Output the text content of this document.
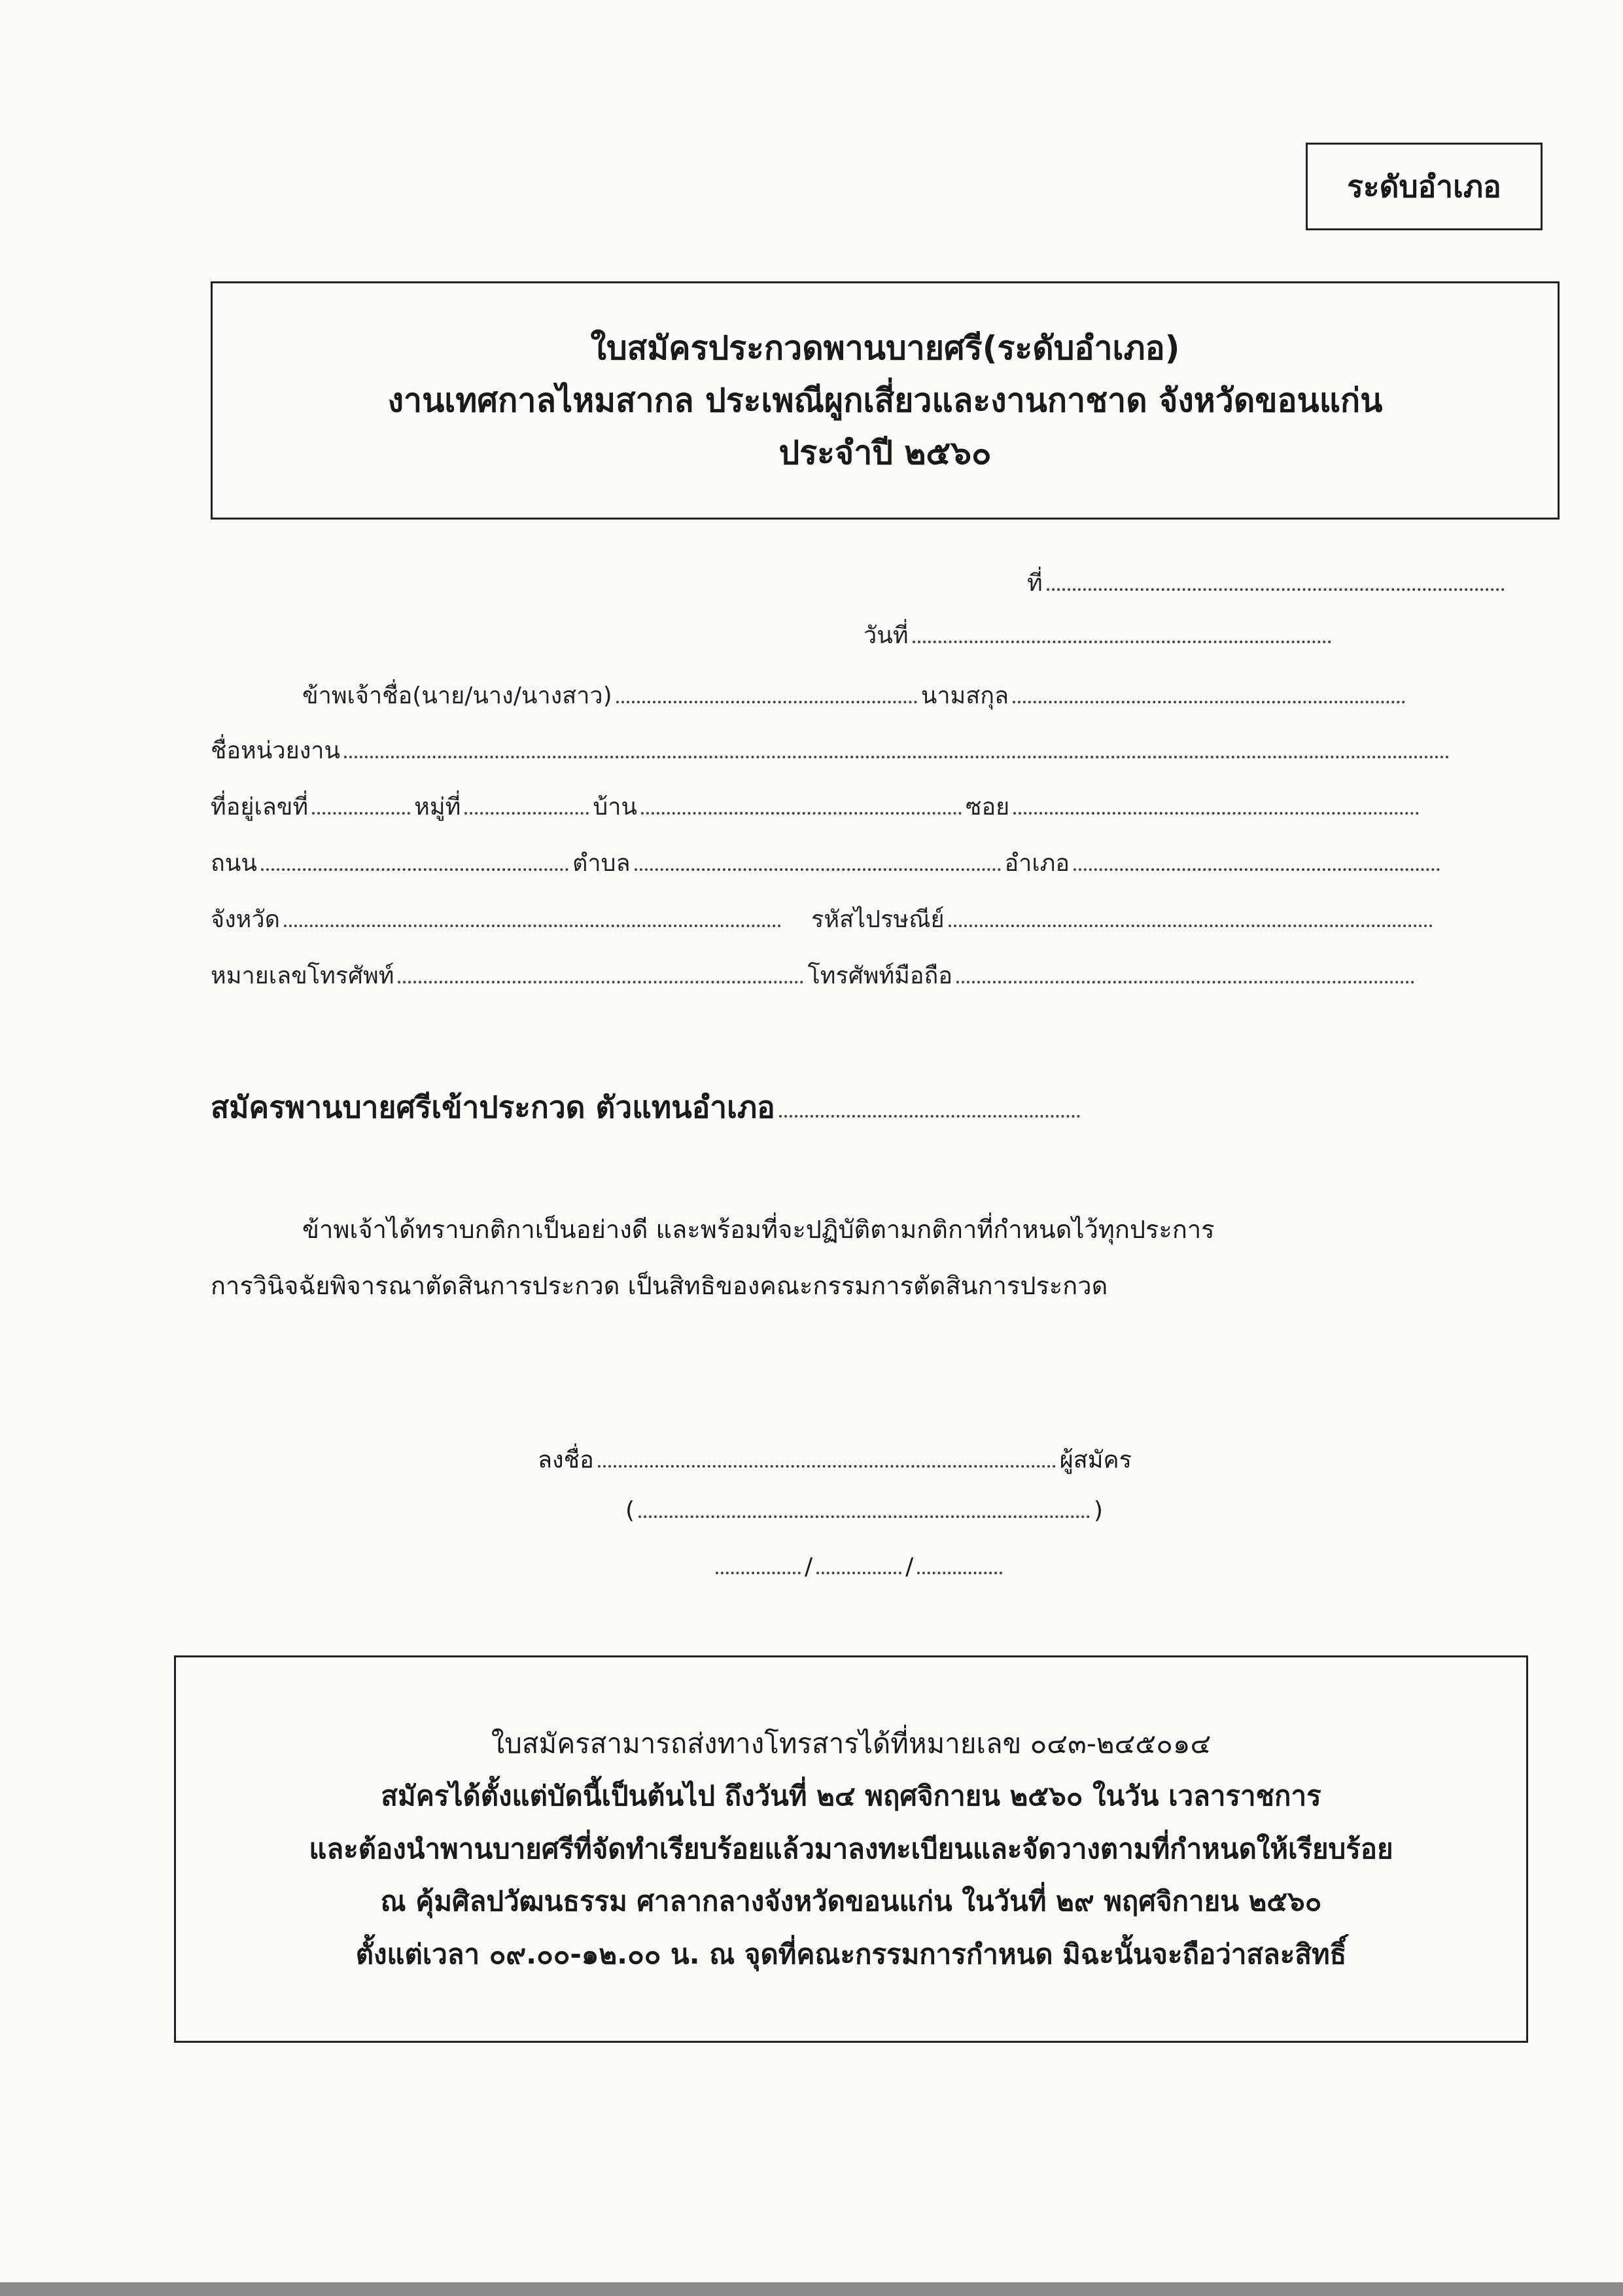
ระดับอำเภอ
ใบสมัครประกวดพานบายศรี(ระดับอำเภอ)
งานเทศกาลไหมสากล ประเพณีผูกเสี่ยวและงานกาชาด จังหวัดขอนแก่น
ประจำปี ๒๕๖๐
ที่
วันที่
ข้าพเจ้าชื่อ(นาย/นาง/นางสาว)	นามสกุล
ชื่อหน่วยงาน
ที่อยู่เลขที่	หมู่ที่	บ้าน	ซอย
ถนน	ตำบล	อำเภอ
จังหวัด	รหัสไปรษณีย์
หมายเลขโทรศัพท์	โทรศัพท์มือถือ
สมัครพานบายศรีเข้าประกวด ตัวแทนอำเภอ
ข้าพเจ้าได้ทราบกติกาเป็นอย่างดี และพร้อมที่จะปฏิบัติตามกติกาที่กำหนดไว้ทุกประการ
การวินิจฉัยพิจารณาตัดสินการประกวด เป็นสิทธิของคณะกรรมการตัดสินการประกวด
ลงชื่อ	ผู้สมัคร
(	)
/	/
ใบสมัครสามารถส่งทางโทรสารได้ที่หมายเลข ๐๔๓-๒๔๕๐๑๔
สมัครได้ตั้งแต่บัดนี้เป็นต้นไป ถึงวันที่ ๒๔ พฤศจิกายน ๒๕๖๐ ในวัน เวลาราชการ
และต้องนำพานบายศรีที่จัดทำเรียบร้อยแล้วมาลงทะเบียนและจัดวางตามที่กำหนดให้เรียบร้อย
ณ คุ้มศิลปวัฒนธรรม ศาลากลางจังหวัดขอนแก่น ในวันที่ ๒๙ พฤศจิกายน ๒๕๖๐
ตั้งแต่เวลา ๐๙.๐๐-๑๒.๐๐ น. ณ จุดที่คณะกรรมการกำหนด มิฉะนั้นจะถือว่าสละสิทธิ์
